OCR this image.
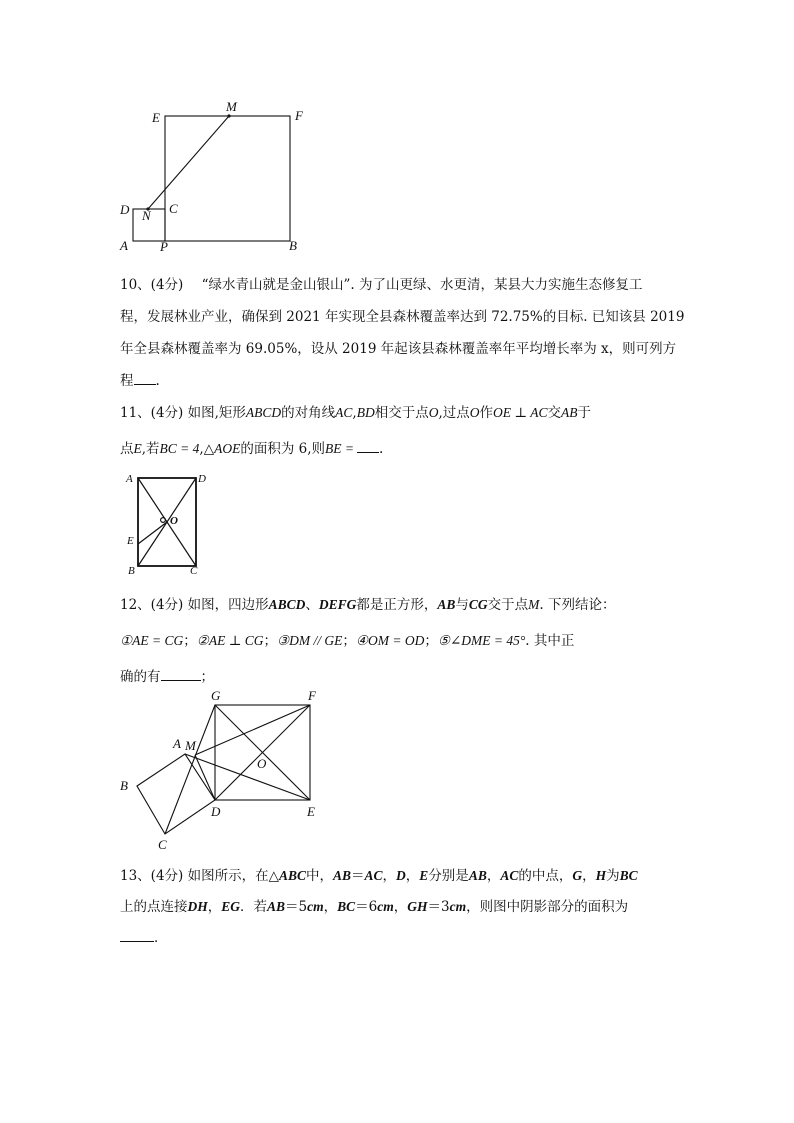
E	F
M
D N C
A P	B
10、(4分) “绿水青山就是金山银山”. 为了山更绿、水更清，某县大力实施生态修复工
程，发展林业产业，确保到 2021 年实现全县森林覆盖率达到 72.75%的目标. 已知该县 2019
年全县森林覆盖率为 69.05%，设从 2019 年起该县森林覆盖率年平均增长率为 x，则可列方
程 .
11、(4分) 如图,矩形ABCD的对角线AC,BD相交于点O,过点O作OE ⊥ AC交AB于
点E,若BC = 4,△AOE的面积为 6,则BE = .
A	D
O
E
B	C
12、(4分) 如图，四边形ABCD、DEFG都是正方形，AB与CG交于点M. 下列结论：
①AE = CG；②AE ⊥ CG；③DM // GE；④OM = OD；⑤∠DME = 45°. 其中正
确的有	；
G	F
A M
O
B
D	E
C
13、(4分) 如图所示，在△ABC中，AB＝AC，D，E分别是AB，AC的中点，G，H为BC
上的点连接DH，EG．若AB＝5cm，BC＝6cm，GH＝3cm，则图中阴影部分的面积为
．
